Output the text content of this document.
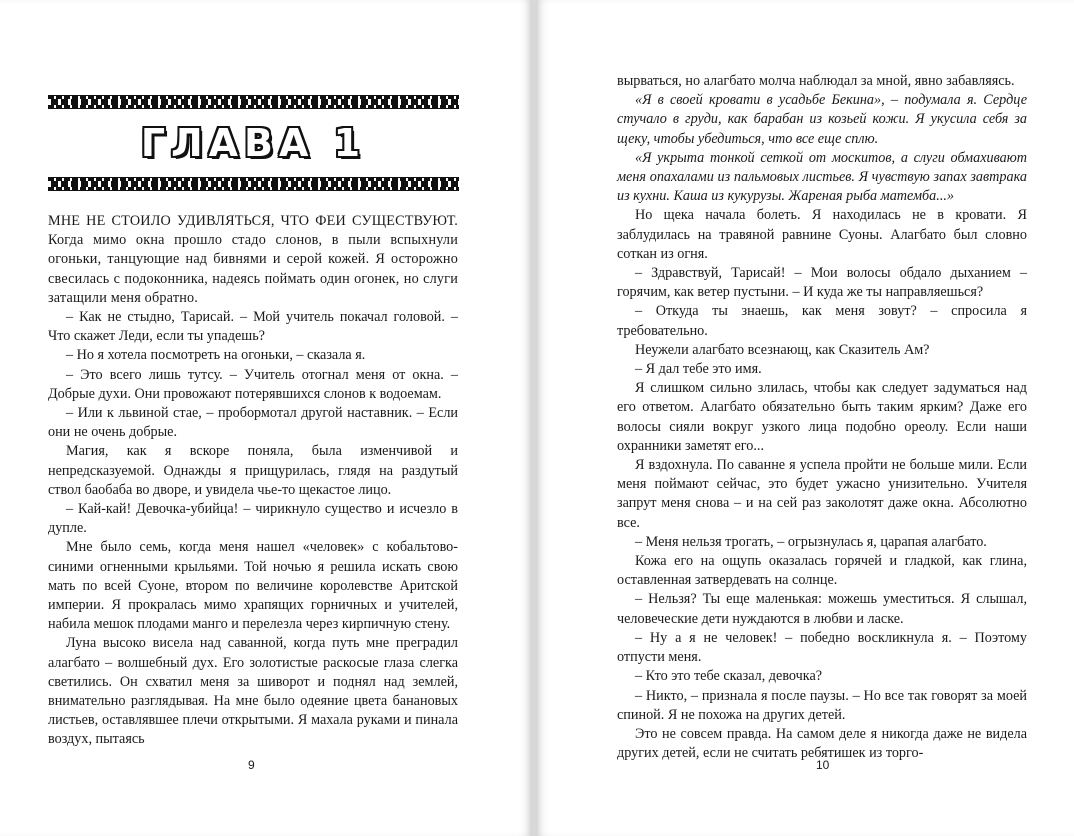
ГЛАВА 1

МНЕ НЕ СТОИЛО УДИВЛЯТЬСЯ, ЧТО ФЕИ СУЩЕСТВУЮТ. Когда мимо окна прошло стадо слонов, в пыли вспыхнули огоньки, танцующие над бивнями и серой кожей. Я осторожно свесилась с подоконника, надеясь поймать один огонек, но слуги затащили меня обратно.

– Как не стыдно, Тарисай. – Мой учитель покачал головой. – Что скажет Леди, если ты упадешь?

– Но я хотела посмотреть на огоньки, – сказала я.

– Это всего лишь тутсу. – Учитель отогнал меня от окна. – Добрые духи. Они провожают потерявшихся слонов к водоемам.

– Или к львиной стае, – пробормотал другой наставник. – Если они не очень добрые.

Магия, как я вскоре поняла, была изменчивой и непредсказуемой. Однажды я прищурилась, глядя на раздутый ствол баобаба во дворе, и увидела чье-то щекастое лицо.

– Кай-кай! Девочка-убийца! – чирикнуло существо и исчезло в дупле.

Мне было семь, когда меня нашел «человек» с кобальтово-синими огненными крыльями. Той ночью я решила искать свою мать по всей Суоне, втором по величине королевстве Аритской империи. Я прокралась мимо храпящих горничных и учителей, набила мешок плодами манго и перелезла через кирпичную стену.

Луна высоко висела над саванной, когда путь мне преградил алагбато – волшебный дух. Его золотистые раскосые глаза слегка светились. Он схватил меня за шиворот и поднял над землей, внимательно разглядывая. На мне было одеяние цвета банановых листьев, оставлявшее плечи открытыми. Я махала руками и пинала воздух, пытаясь

9

вырваться, но алагбато молча наблюдал за мной, явно забавляясь.

«Я в своей кровати в усадьбе Бекина», – подумала я. Сердце стучало в груди, как барабан из козьей кожи. Я укусила себя за щеку, чтобы убедиться, что все еще сплю.

«Я укрыта тонкой сеткой от москитов, а слуги обмахивают меня опахалами из пальмовых листьев. Я чувствую запах завтрака из кухни. Каша из кукурузы. Жареная рыба матемба...»

Но щека начала болеть. Я находилась не в кровати. Я заблудилась на травяной равнине Суоны. Алагбато был словно соткан из огня.

– Здравствуй, Тарисай! – Мои волосы обдало дыханием – горячим, как ветер пустыни. – И куда же ты направляешься?

– Откуда ты знаешь, как меня зовут? – спросила я требовательно.

Неужели алагбато всезнающ, как Сказитель Ам?

– Я дал тебе это имя.

Я слишком сильно злилась, чтобы как следует задуматься над его ответом. Алагбато обязательно быть таким ярким? Даже его волосы сияли вокруг узкого лица подобно ореолу. Если наши охранники заметят его...

Я вздохнула. По саванне я успела пройти не больше мили. Если меня поймают сейчас, это будет ужасно унизительно. Учителя запрут меня снова – и на сей раз заколотят даже окна. Абсолютно все.

– Меня нельзя трогать, – огрызнулась я, царапая алагбато.

Кожа его на ощупь оказалась горячей и гладкой, как глина, оставленная затвердевать на солнце.

– Нельзя? Ты еще маленькая: можешь уместиться. Я слышал, человеческие дети нуждаются в любви и ласке.

– Ну а я не человек! – победно воскликнула я. – Поэтому отпусти меня.

– Кто это тебе сказал, девочка?

– Никто, – признала я после паузы. – Но все так говорят за моей спиной. Я не похожа на других детей.

Это не совсем правда. На самом деле я никогда даже не видела других детей, если не считать ребятишек из торго-

10
